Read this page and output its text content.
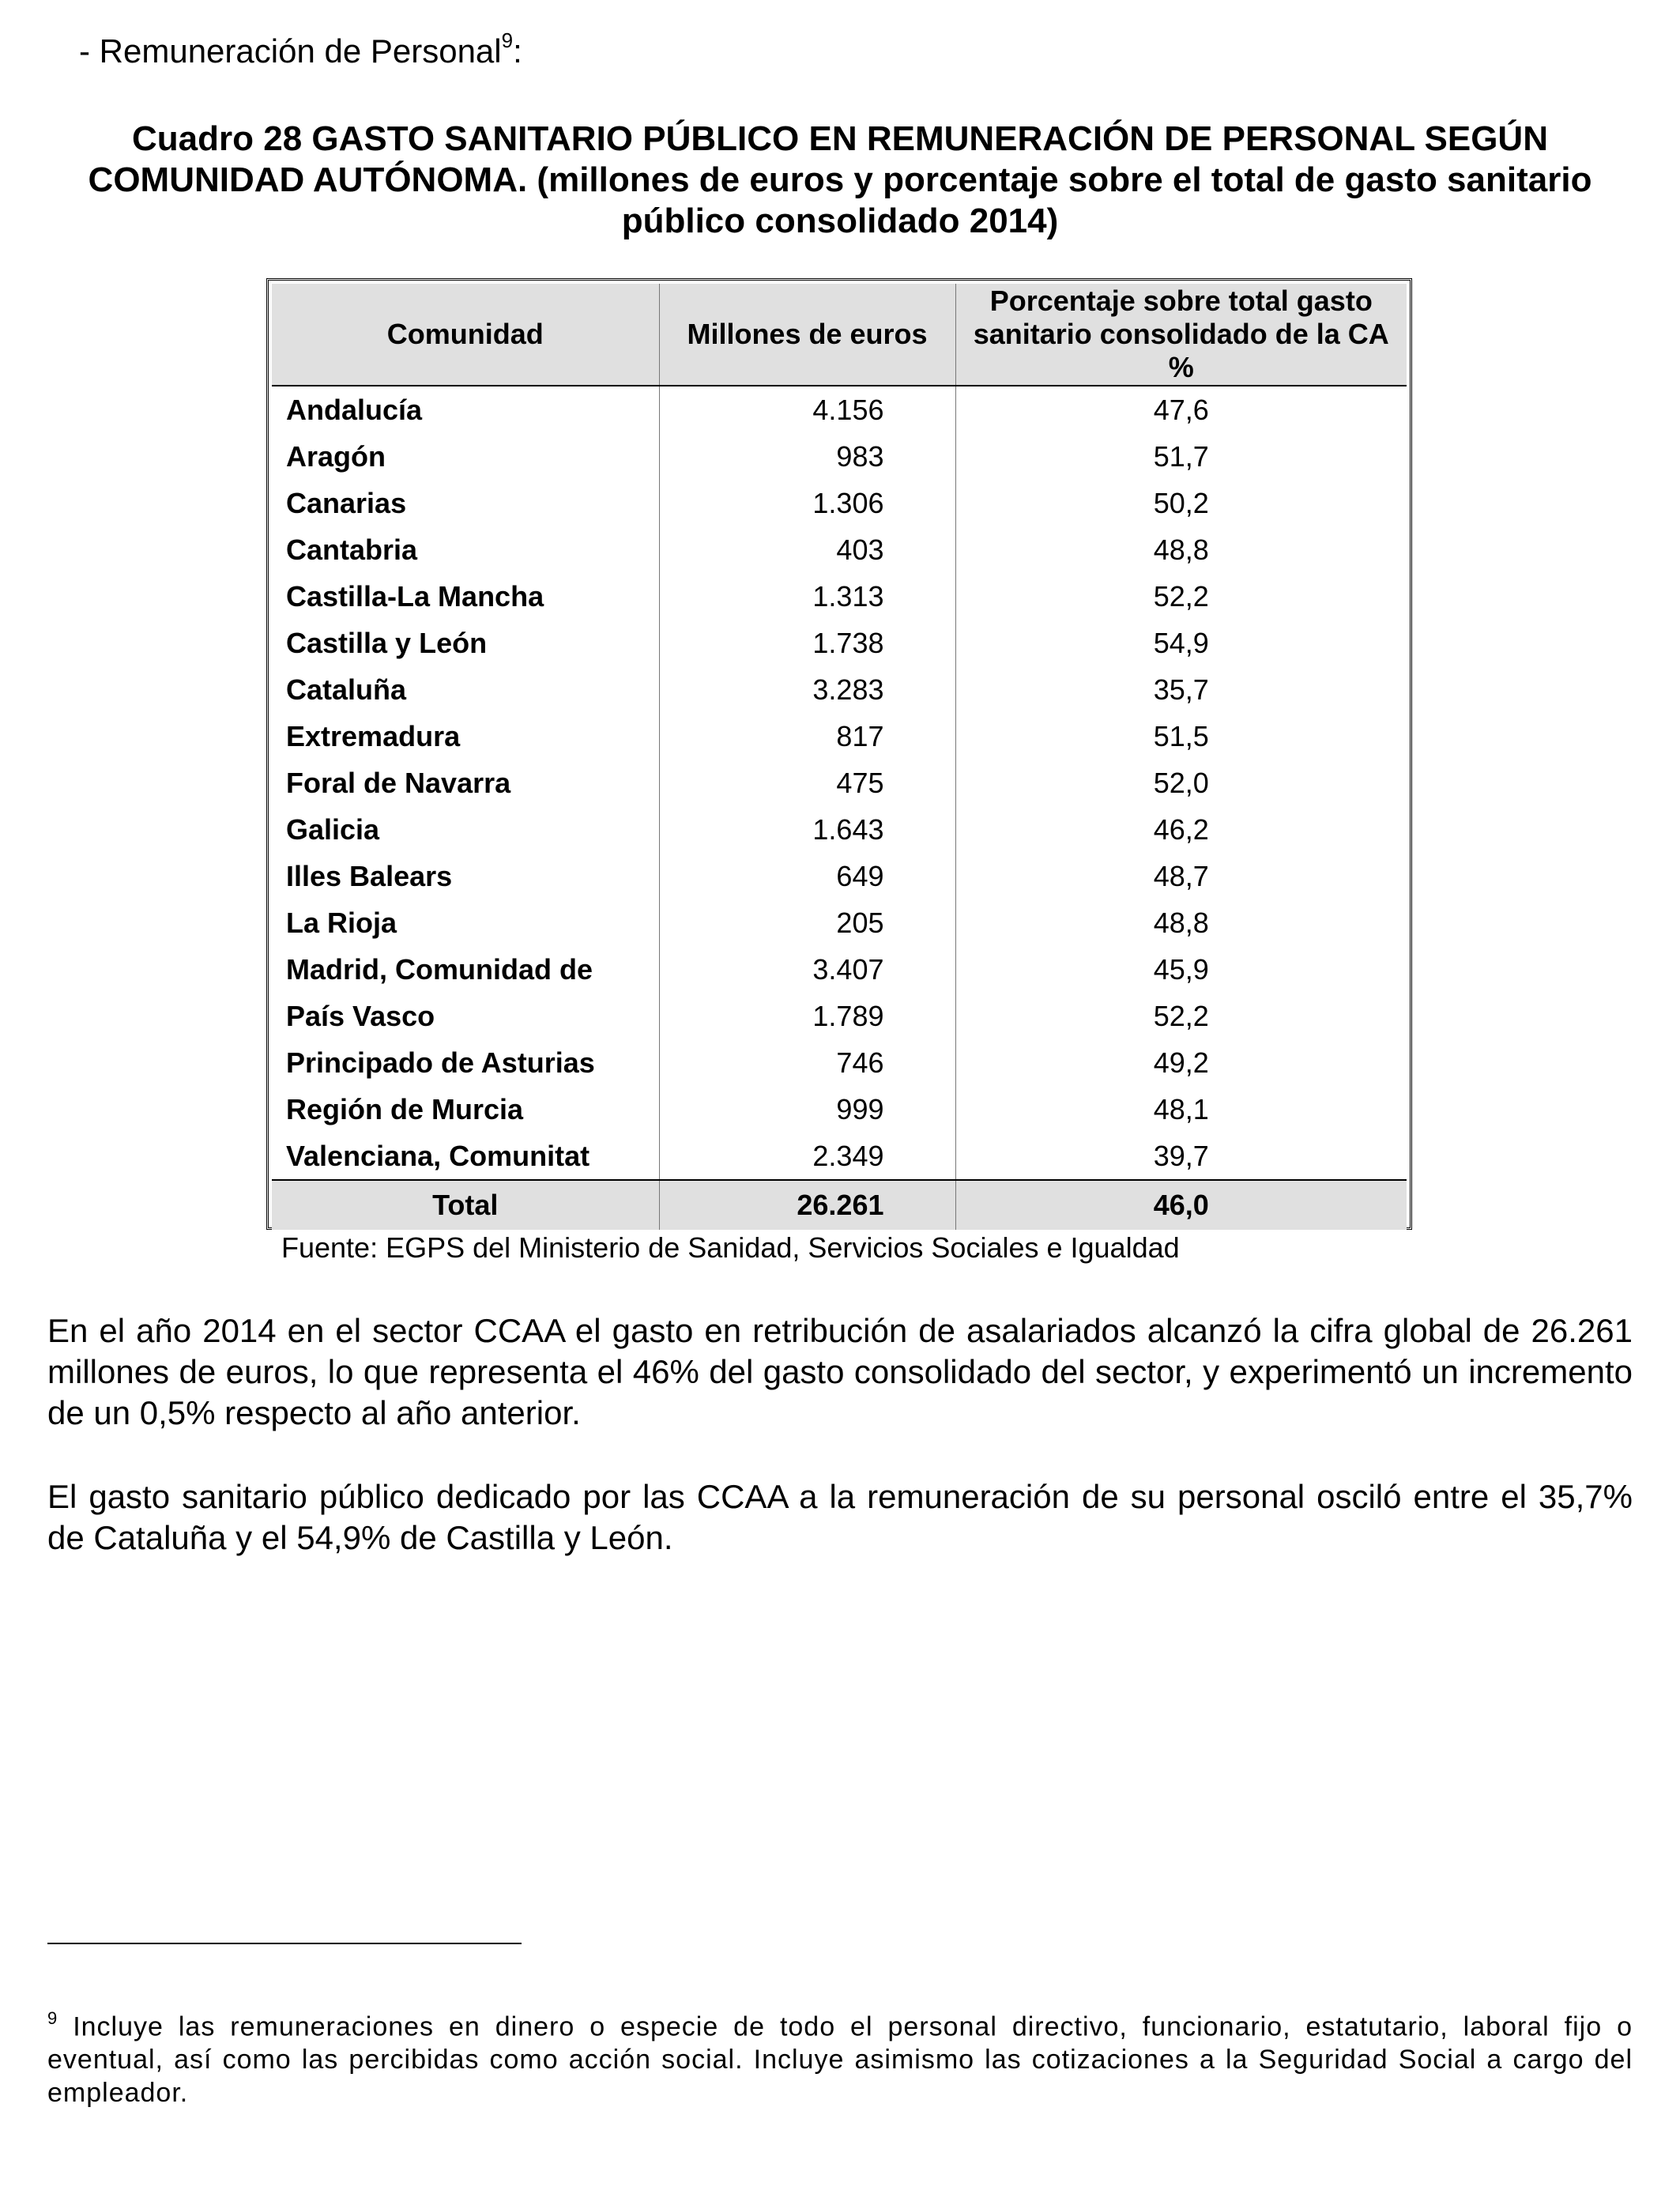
- Remuneración de Personal$^9$:
Cuadro 28 GASTO SANITARIO PÚBLICO EN REMUNERACIÓN DE PERSONAL SEGÚN
COMUNIDAD AUTÓNOMA. (millones de euros y porcentaje sobre el total de gasto sanitario
público consolidado 2014)
Comunidad	Millones de euros	Porcentaje sobre total gasto sanitario consolidado de la CA %
Andalucía	4.156	47,6
Aragón	983	51,7
Canarias	1.306	50,2
Cantabria	403	48,8
Castilla-La Mancha	1.313	52,2
Castilla y León	1.738	54,9
Cataluña	3.283	35,7
Extremadura	817	51,5
Foral de Navarra	475	52,0
Galicia	1.643	46,2
Illes Balears	649	48,7
La Rioja	205	48,8
Madrid, Comunidad de	3.407	45,9
País Vasco	1.789	52,2
Principado de Asturias	746	49,2
Región de Murcia	999	48,1
Valenciana, Comunitat	2.349	39,7
Total	26.261	46,0
Fuente: EGPS del Ministerio de Sanidad, Servicios Sociales e Igualdad
En el año 2014 en el sector CCAA el gasto en retribución de asalariados alcanzó la cifra global de 26.261 millones de euros, lo que representa el 46% del gasto consolidado del sector, y experimentó un incremento de un 0,5% respecto al año anterior.
El gasto sanitario público dedicado por las CCAA a la remuneración de su personal osciló entre el 35,7% de Cataluña y el 54,9% de Castilla y León.
$^9$ Incluye las remuneraciones en dinero o especie de todo el personal directivo, funcionario, estatutario, laboral fijo o eventual, así como las percibidas como acción social. Incluye asimismo las cotizaciones a la Seguridad Social a cargo del empleador.
